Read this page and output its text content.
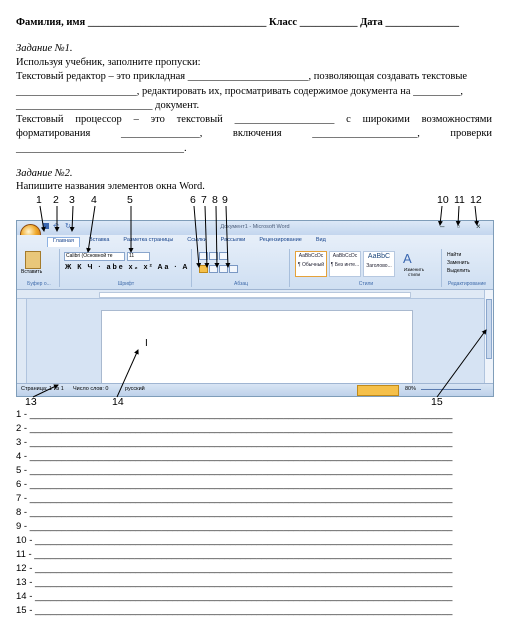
Фамилия, имя __________________________________ Класс ___________ Дата ______________
Задание №1.
Используя учебник, заполните пропуски:
Текстовый редактор – это прикладная _______________________, позволяющая создавать текстовые
_______________________, редактировать их, просматривать содержимое документа на _________,
__________________________ документ.
Текстовый процессор – это текстовый ___________________ с широкими возможностями
форматирования	_______________,	включения	____________________,	проверки
________________________________.
Задание №2.
Напишите названия элементов окна Word.
1 2 3 4	5	6 7 8 9	10 11 12
↶ ↻	Документ1 - Microsoft Word	– ▫ ×
Главная	Вставка	Разметка страницы	Ссылки	Рассылки	Рецензирование	Вид
Вставить
Буфер о...
Calibri (Основной те	11
Ж К Ч · abe x₂ x² Aa · A
Шрифт	Абзац
AaBbCcDc
¶ Обычный
AaBbCcDc
¶ Без инте...
AaBbC
Заголово... A
Изменить стили
Стили
Найти
Заменить
Выделить
Редактирование
I
Страница: 1 из 1 Число слов: 0	русский	80%
13	14	15
1 - ________________________________________________________________________________
2 - ________________________________________________________________________________
3 - ________________________________________________________________________________
4 - ________________________________________________________________________________
5 - ________________________________________________________________________________
6 - ________________________________________________________________________________
7 - ________________________________________________________________________________
8 - ________________________________________________________________________________
9 - ________________________________________________________________________________
10 - _______________________________________________________________________________
11 - _______________________________________________________________________________
12 - _______________________________________________________________________________
13 - _______________________________________________________________________________
14 - _______________________________________________________________________________
15 - _______________________________________________________________________________
